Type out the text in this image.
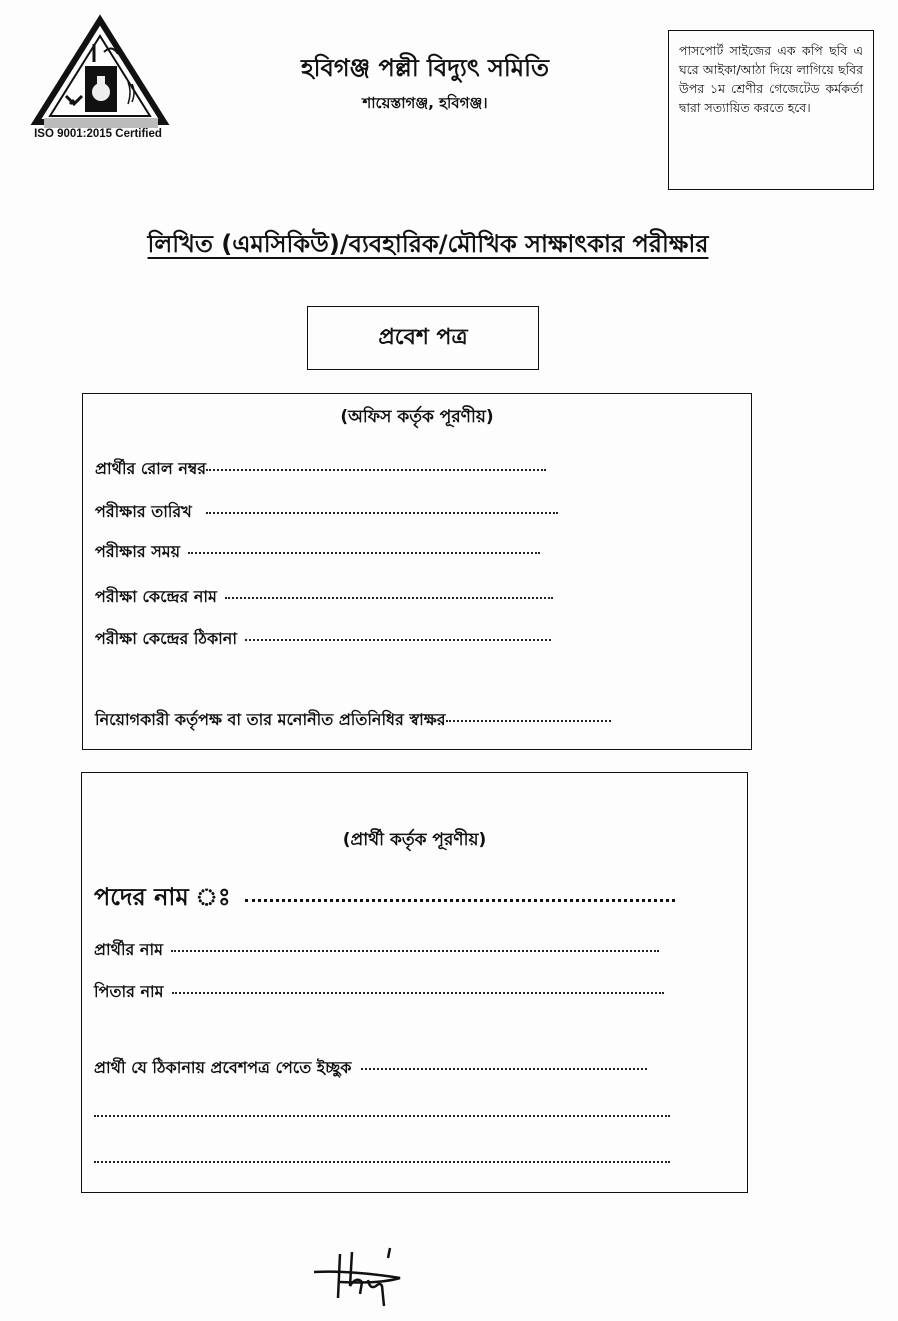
ISO 9001:2015 Certified
হবিগঞ্জ পল্লী বিদ্যুৎ সমিতি
শায়েস্তাগঞ্জ, হবিগঞ্জ।

পাসপোর্ট সাইজের এক কপি ছবি এ ঘরে আইকা/আঠা দিয়ে লাগিয়ে ছবির উপর ১ম শ্রেণীর গেজেটেড কর্মকর্তা দ্বারা সত্যায়িত করতে হবে।

লিখিত (এমসিকিউ)/ব্যবহারিক/মৌখিক সাক্ষাৎকার পরীক্ষার
প্রবেশ পত্র
(অফিস কর্তৃক পূরণীয়)
প্রার্থীর রোল নম্বর
পরীক্ষার তারিখ
পরীক্ষার সময়
পরীক্ষা কেন্দ্রের নাম
পরীক্ষা কেন্দ্রের ঠিকানা
নিয়োগকারী কর্তৃপক্ষ বা তার মনোনীত প্রতিনিধির স্বাক্ষর
(প্রার্থী কর্তৃক পূরণীয়)
পদের নাম ঃ
প্রার্থীর নাম
পিতার নাম
প্রার্থী যে ঠিকানায় প্রবেশপত্র পেতে ইচ্ছুক
